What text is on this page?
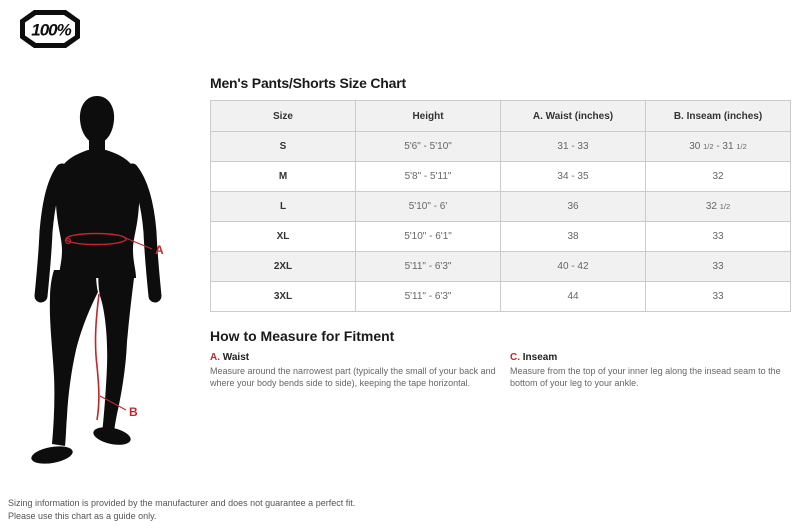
100%
A
B
Men's Pants/Shorts Size Chart
Size	Height	A. Waist (inches)	B. Inseam (inches)
S	5'6" - 5'10"	31 - 33	30 1/2 - 31 1/2
M	5'8" - 5'11"	34 - 35	32
L	5'10" - 6'	36	32 1/2
XL	5'10" - 6'1"	38	33
2XL	5'11" - 6'3"	40 - 42	33
3XL	5'11" - 6'3"	44	33
How to Measure for Fitment
A. Waist

Measure around the narrowest part (typically the small of your back and where your body bends side to side), keeping the tape horizontal.

C. Inseam

Measure from the top of your inner leg along the insead seam to the bottom of your leg to your ankle.

Sizing information is provided by the manufacturer and does not guarantee a perfect fit.
Please use this chart as a guide only.
